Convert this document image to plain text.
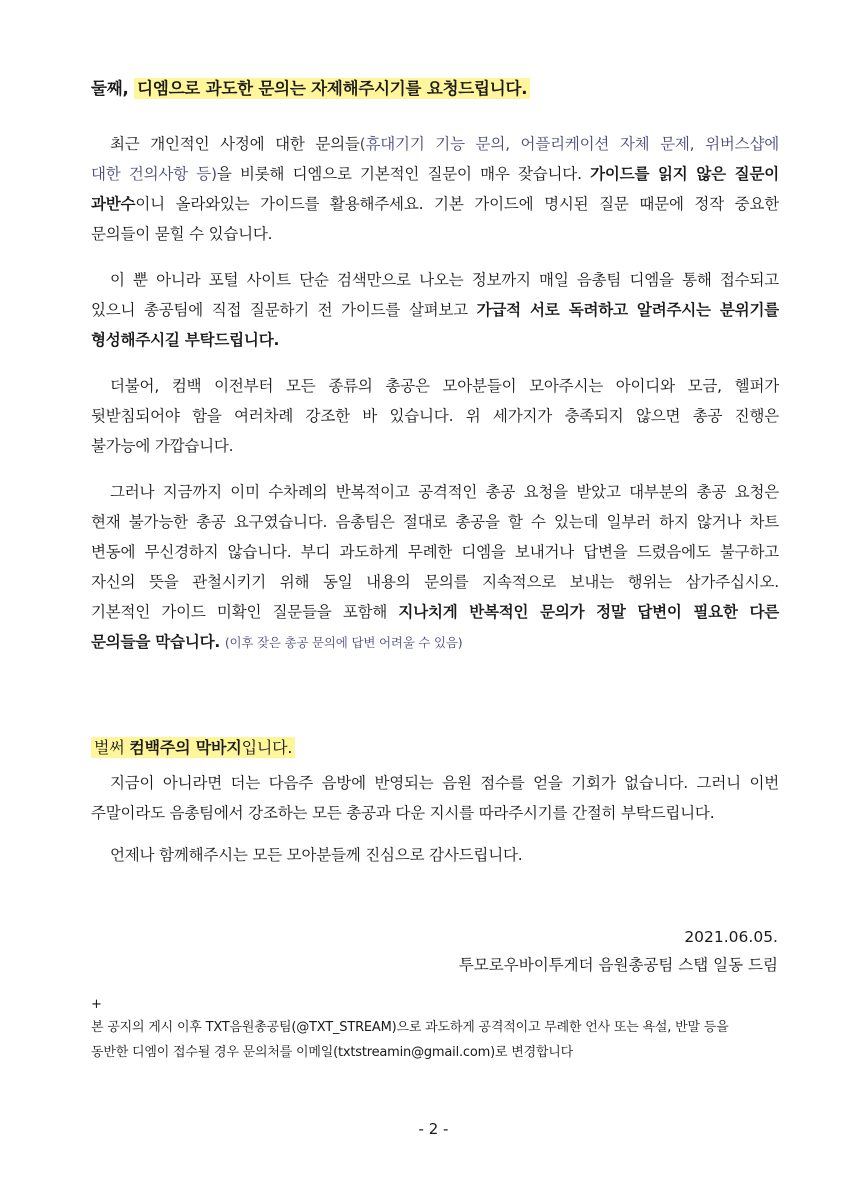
둘째, 디엠으로 과도한 문의는 자제해주시기를 요청드립니다.
최근 개인적인 사정에 대한 문의들(휴대기기 기능 문의, 어플리케이션 자체 문제, 위버스샵에
대한 건의사항 등)을 비롯해 디엠으로 기본적인 질문이 매우 잦습니다. 가이드를 읽지 않은 질문이
과반수이니 올라와있는 가이드를 활용해주세요. 기본 가이드에 명시된 질문 때문에 정작 중요한
문의들이 묻힐 수 있습니다.
이 뿐 아니라 포털 사이트 단순 검색만으로 나오는 정보까지 매일 음총팀 디엠을 통해 접수되고
있으니 총공팀에 직접 질문하기 전 가이드를 살펴보고 가급적 서로 독려하고 알려주시는 분위기를
형성해주시길 부탁드립니다.
더불어, 컴백 이전부터 모든 종류의 총공은 모아분들이 모아주시는 아이디와 모금, 헬퍼가
뒷받침되어야 함을 여러차례 강조한 바 있습니다. 위 세가지가 충족되지 않으면 총공 진행은
불가능에 가깝습니다.
그러나 지금까지 이미 수차례의 반복적이고 공격적인 총공 요청을 받았고 대부분의 총공 요청은
현재 불가능한 총공 요구였습니다. 음총팀은 절대로 총공을 할 수 있는데 일부러 하지 않거나 차트
변동에 무신경하지 않습니다. 부디 과도하게 무례한 디엠을 보내거나 답변을 드렸음에도 불구하고
자신의 뜻을 관철시키기 위해 동일 내용의 문의를 지속적으로 보내는 행위는 삼가주십시오.
기본적인 가이드 미확인 질문들을 포함해 지나치게 반복적인 문의가 정말 답변이 필요한 다른
문의들을 막습니다. (이후 잦은 총공 문의에 답변 어려울 수 있음)
벌써 컴백주의 막바지입니다.
지금이 아니라면 더는 다음주 음방에 반영되는 음원 점수를 얻을 기회가 없습니다. 그러니 이번
주말이라도 음총팀에서 강조하는 모든 총공과 다운 지시를 따라주시기를 간절히 부탁드립니다.
언제나 함께해주시는 모든 모아분들께 진심으로 감사드립니다.
2021.06.05.
투모로우바이투게더 음원총공팀 스탭 일동 드림
+
본 공지의 게시 이후 TXT음원총공팀(@TXT_STREAM)으로 과도하게 공격적이고 무례한 언사 또는 욕설, 반말 등을
동반한 디엠이 접수될 경우 문의처를 이메일(txtstreamin@gmail.com)로 변경합니다
- 2 -
